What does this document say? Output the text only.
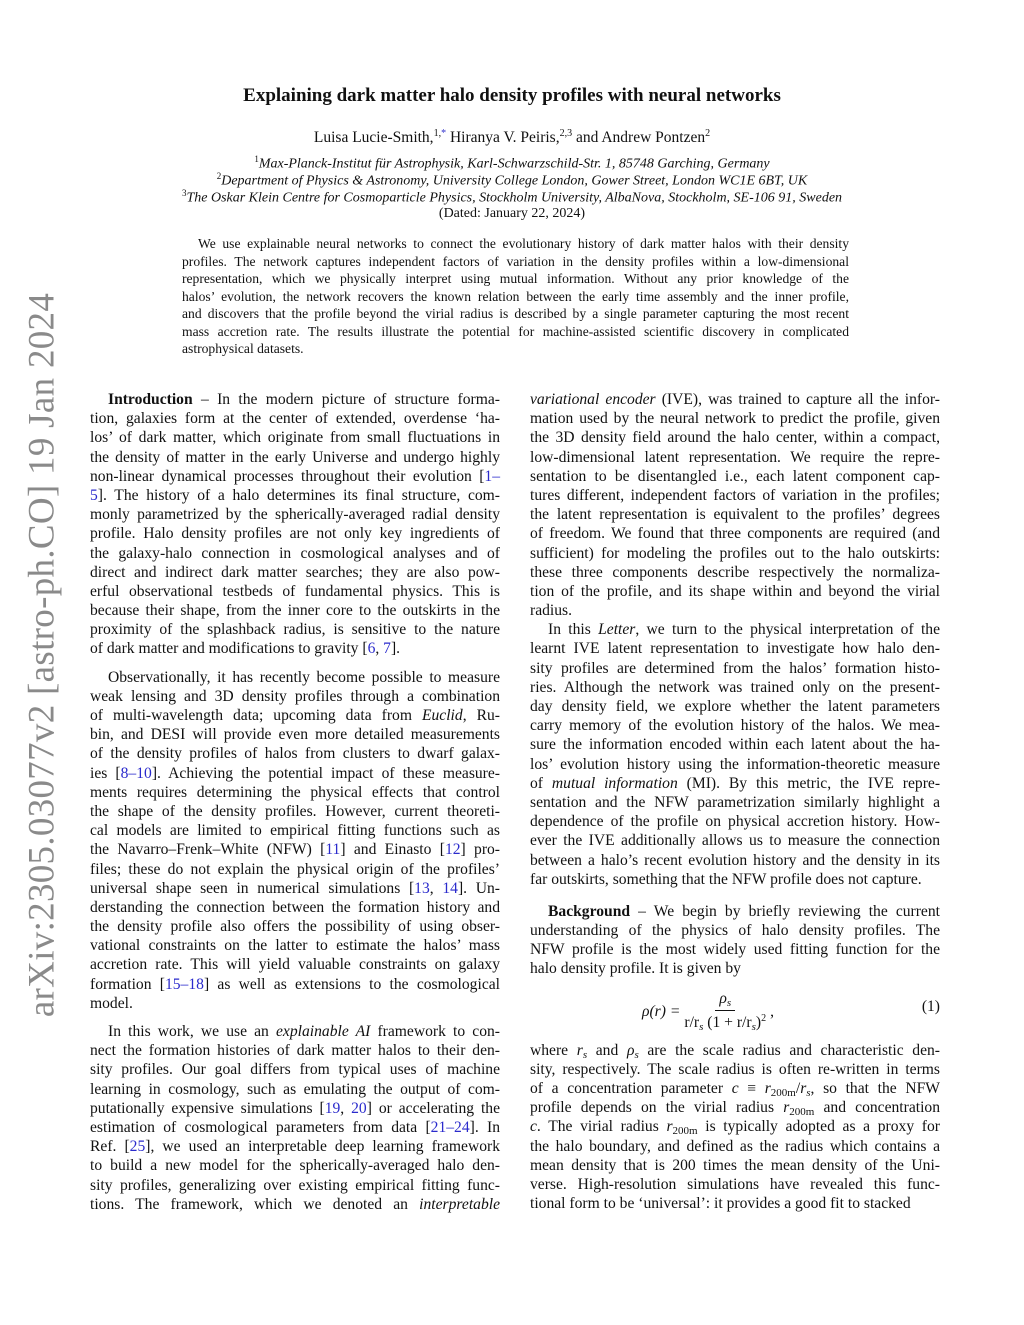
arXiv:2305.03077v2 [astro-ph.CO] 19 Jan 2024
Explaining dark matter halo density profiles with neural networks
Luisa Lucie-Smith,$^{1,*}$ Hiranya V. Peiris,$^{2,3}$ and Andrew Pontzen$^2$
$^1$Max-Planck-Institut für Astrophysik, Karl-Schwarzschild-Str. 1, 85748 Garching, Germany
$^2$Department of Physics & Astronomy, University College London, Gower Street, London WC1E 6BT, UK
$^3$The Oskar Klein Centre for Cosmoparticle Physics, Stockholm University, AlbaNova, Stockholm, SE-106 91, Sweden
(Dated: January 22, 2024)
We use explainable neural networks to connect the evolutionary history of dark matter halos with their density
profiles. The network captures independent factors of variation in the density profiles within a low-dimensional
representation, which we physically interpret using mutual information. Without any prior knowledge of the
halos’ evolution, the network recovers the known relation between the early time assembly and the inner profile,
and discovers that the profile beyond the virial radius is described by a single parameter capturing the most recent
mass accretion rate. The results illustrate the potential for machine-assisted scientific discovery in complicated
astrophysical datasets.
Introduction – In the modern picture of structure forma-
tion, galaxies form at the center of extended, overdense ‘ha-
los’ of dark matter, which originate from small fluctuations in
the density of matter in the early Universe and undergo highly
non-linear dynamical processes throughout their evolution [1–
5]. The history of a halo determines its final structure, com-
monly parametrized by the spherically-averaged radial density
profile. Halo density profiles are not only key ingredients of
the galaxy-halo connection in cosmological analyses and of
direct and indirect dark matter searches; they are also pow-
erful observational testbeds of fundamental physics. This is
because their shape, from the inner core to the outskirts in the
proximity of the splashback radius, is sensitive to the nature
of dark matter and modifications to gravity [6, 7].
Observationally, it has recently become possible to measure
weak lensing and 3D density profiles through a combination
of multi-wavelength data; upcoming data from Euclid, Ru-
bin, and DESI will provide even more detailed measurements
of the density profiles of halos from clusters to dwarf galax-
ies [8–10]. Achieving the potential impact of these measure-
ments requires determining the physical effects that control
the shape of the density profiles. However, current theoreti-
cal models are limited to empirical fitting functions such as
the Navarro–Frenk–White (NFW) [11] and Einasto [12] pro-
files; these do not explain the physical origin of the profiles’
universal shape seen in numerical simulations [13, 14]. Un-
derstanding the connection between the formation history and
the density profile also offers the possibility of using obser-
vational constraints on the latter to estimate the halos’ mass
accretion rate. This will yield valuable constraints on galaxy
formation [15–18] as well as extensions to the cosmological
model.
In this work, we use an explainable AI framework to con-
nect the formation histories of dark matter halos to their den-
sity profiles. Our goal differs from typical uses of machine
learning in cosmology, such as emulating the output of com-
putationally expensive simulations [19, 20] or accelerating the
estimation of cosmological parameters from data [21–24]. In
Ref. [25], we used an interpretable deep learning framework
to build a new model for the spherically-averaged halo den-
sity profiles, generalizing over existing empirical fitting func-
tions. The framework, which we denoted an interpretable
variational encoder (IVE), was trained to capture all the infor-
mation used by the neural network to predict the profile, given
the 3D density field around the halo center, within a compact,
low-dimensional latent representation. We require the repre-
sentation to be disentangled i.e., each latent component cap-
tures different, independent factors of variation in the profiles;
the latent representation is equivalent to the profiles’ degrees
of freedom. We found that three components are required (and
sufficient) for modeling the profiles out to the halo outskirts:
these three components describe respectively the normaliza-
tion of the profile, and its shape within and beyond the virial
radius.
In this Letter, we turn to the physical interpretation of the
learnt IVE latent representation to investigate how halo den-
sity profiles are determined from the halos’ formation histo-
ries. Although the network was trained only on the present-
day density field, we explore whether the latent parameters
carry memory of the evolution history of the halos. We mea-
sure the information encoded within each latent about the ha-
los’ evolution history using the information-theoretic measure
of mutual information (MI). By this metric, the IVE repre-
sentation and the NFW parametrization similarly highlight a
dependence of the profile on physical accretion history. How-
ever the IVE additionally allows us to measure the connection
between a halo’s recent evolution history and the density in its
far outskirts, something that the NFW profile does not capture.
Background – We begin by briefly reviewing the current
understanding of the physics of halo density profiles. The
NFW profile is the most widely used fitting function for the
halo density profile. It is given by
where rs and ρs are the scale radius and characteristic den-
sity, respectively. The scale radius is often re-written in terms
of a concentration parameter c ≡ r200m/rs, so that the NFW
profile depends on the virial radius r200m and concentration
c. The virial radius r200m is typically adopted as a proxy for
the halo boundary, and defined as the radius which contains a
mean density that is 200 times the mean density of the Uni-
verse. High-resolution simulations have revealed this func-
tional form to be ‘universal’: it provides a good fit to stacked
$\rho(r) = \frac{\rho s}{r/rs (1 + r/rs)^2}$ ,	(1)
